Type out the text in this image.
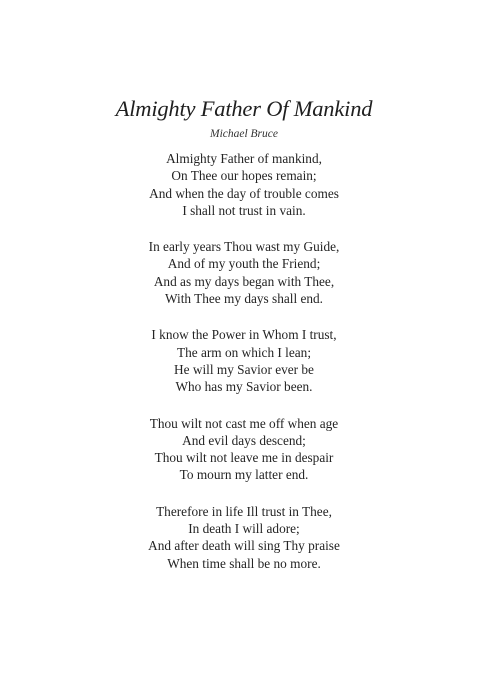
Almighty Father Of Mankind
Michael Bruce
Almighty Father of mankind,
On Thee our hopes remain;
And when the day of trouble comes
I shall not trust in vain.
In early years Thou wast my Guide,
And of my youth the Friend;
And as my days began with Thee,
With Thee my days shall end.
I know the Power in Whom I trust,
The arm on which I lean;
He will my Savior ever be
Who has my Savior been.
Thou wilt not cast me off when age
And evil days descend;
Thou wilt not leave me in despair
To mourn my latter end.
Therefore in life Ill trust in Thee,
In death I will adore;
And after death will sing Thy praise
When time shall be no more.
